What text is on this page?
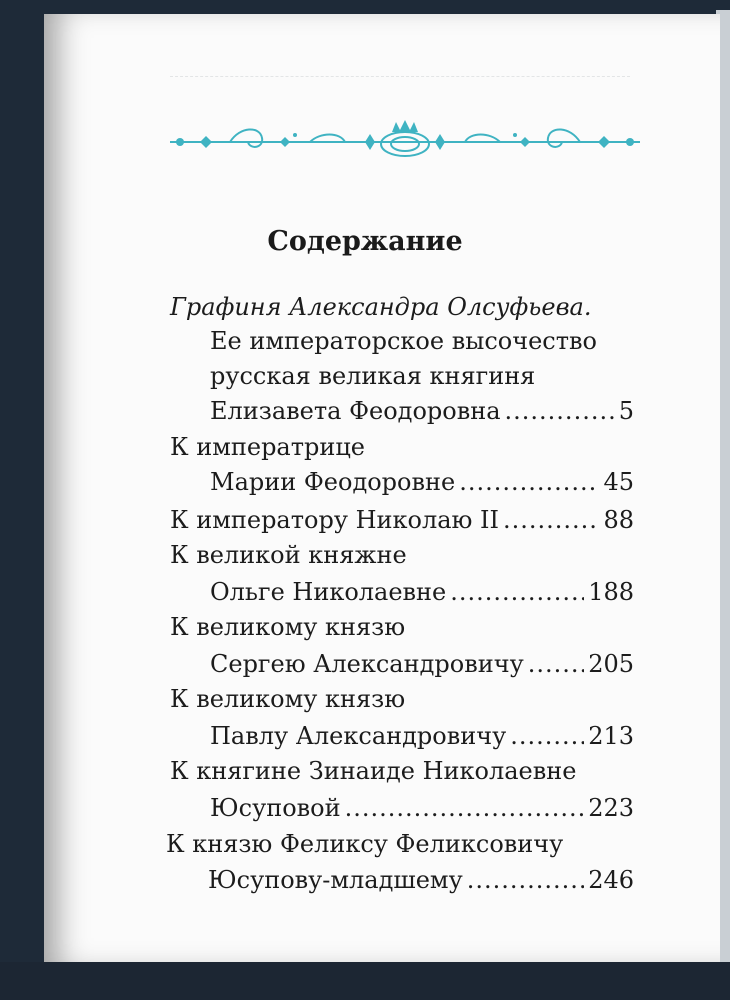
Содержание
Графиня Александра Олсуфьева.
Ее императорское высочество
русская великая княгиня
Елизавета Феодоровна .....	5
К императрице
Марии Феодоровне .....	45
К императору Николаю II .....	88
К великой княжне
Ольге Николаевне .....	188
К великому князю
Сергею Александровичу .....	205
К великому князю
Павлу Александровичу .....	213
К княгине Зинаиде Николаевне
Юсуповой .....	223
К князю Феликсу Феликсовичу
Юсупову-младшему .....	246
